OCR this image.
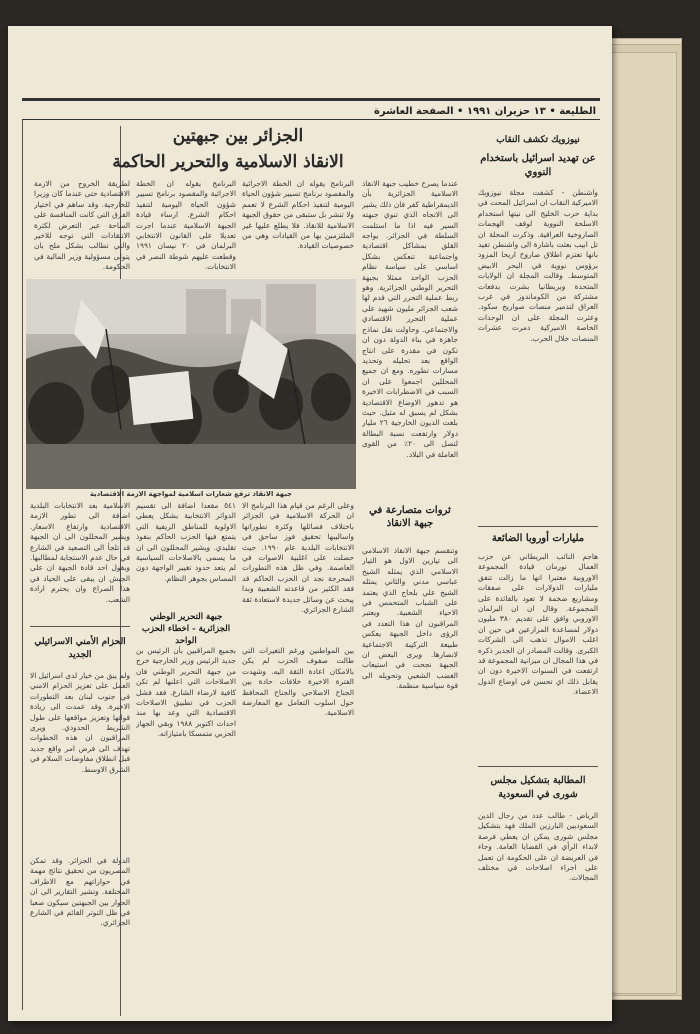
الطليعة • ١٣ حزيران ١٩٩١ • الصفحة العاشرة
الجزائر بين جبهتين
الانقاذ الاسلامية والتحرير الحاكمة
لطريقة الخروج من الازمة الاقتصادية حتى عندما كان وزيرا للخارجية. وقد ساهم في اختيار الفرق التي كانت المنافسة على الساحة عبر التعرض لكثرة الانتقادات التي توجه للاخير والتي تطالب بشكل ملح بان يتولى مسؤولية وزير المالية في الحكومة.
البرنامج يقوله ان الخطة الاجرائية والمقصود برنامج تسيير شؤون الحياة اليومية لتنفيذ احكام الشرع. ارساء قيادة الجبهة الاسلامية عندما اجرت تعديلا على القانون الانتخابي البرلمان في ٢٠ نيسان ١٩٩١ وقطعت عليهم شوطة النصر في الانتخابات.
البرنامج يقوله ان الخطة الاجرائية والمقصود برنامج تسيير شؤون الحياة اليومية لتنفيذ احكام الشرع لا تعمم ولا تنشر بل ستبقى من حقوق الجبهة الاسلامية للانقاذ. فلا يطلع عليها غير الملتزمين بها من القيادات وهي من خصوصيات القيادة.
جبهة الانقاذ ترفع شعارات اسلامية لمواجهة الازمة الاقتصادية
عندما يصرح خطيب جبهة الانقاذ الاسلامية الجزائرية بأن الديمقراطية كفر فان ذلك يشير الى الاتجاه الذي تنوي جبهته السير فيه اذا ما استلمت السلطة في الجزائر. يواجه القلق بمشاكل اقتصادية واجتماعية تنعكس بشكل اساسي على سياسة نظام الحزب الواحد ممثلا بجبهة التحرير الوطني الجزائرية. وهو ربط عملية التحرر التي قدم لها شعب الجزائر مليون شهيد على عملية التحرر الاقتصادي والاجتماعي. وحاولت نقل نماذج جاهزة في بناء الدولة دون ان تكون في مقدرة على انتاج الواقع بعد تحليله وتحديد مسارات تطوره. ومع ان جميع المحللين اجمعوا على ان السبب في الاضطرابات الاخيرة هو تدهور الاوضاع الاقتصادية بشكل لم يسبق له مثيل. حيث بلغت الديون الخارجية ٢٦ مليار دولار وارتفعت نسبة البطالة لتصل الى ٢٠٪ من القوى العاملة في البلاد.
وعلى الرغم من قيام هذا البرنامج الا ان الحركة الاسلامية في الجزائر باختلاف فصائلها وكثرة تطوراتها واساليبها تحقيق فوز ساحق في الانتخابات البلدية عام ١٩٩٠. حيث حصلت على اغلبية الاصوات في العاصمة. وفي ظل هذه التطورات المحرجة نجد ان الحزب الحاكم قد فقد الكثير من قاعدته الشعبية وبدا يبحث عن وسائل جديدة لاستعادة ثقة الشارع الجزائري.
٥٤١ مقعدا اضافة الى تقسيم الدوائر الانتخابية بشكل يعطي الاولوية للمناطق الريفية التي يتمتع فيها الحزب الحاكم بنفوذ تقليدي. ويشير المحللون الى ان ما يسمى بالاصلاحات السياسية لم يتعد حدود تغيير الواجهة دون المساس بجوهر النظام.
الاسلامية بعد الانتخابات البلدية اضافة الى تطور الازمة الاقتصادية وارتفاع الاسعار. ويشير المحللون الى ان الجبهة قد تلجأ الى التصعيد في الشارع في حال عدم الاستجابة لمطالبها. ويقول احد قادة الجبهة ان على الجيش ان يبقى على الحياد في هذا الصراع وان يحترم ارادة الشعب.
ثروات متصارعة في جبهة الانقاذ
وتنقسم جبهة الانقاذ الاسلامي الى تيارين الاول هو التيار الاسلامي الذي يمثله الشيخ عباسي مدني والثاني يمثله الشيخ علي بلحاج الذي يعتمد على الشباب المتحمس في الاحياء الشعبية. ويعتبر المراقبون ان هذا التعدد في الرؤى داخل الجبهة يعكس طبيعة التركيبة الاجتماعية لانصارها. ويرى البعض ان الجبهة نجحت في استيعاب الغضب الشعبي وتحويله الى قوة سياسية منظمة.
جبهة التحرير الوطني الجزائرية - اخطاء الحزب الواحد
بجميع المراقبين بأن الرئيس بن جديد الرئيس وزير الخارجية خرج من جبهة التحرير الوطني فان الاصلاحات التي اعلنها لم تكن كافية لارضاء الشارع. فقد فشل الحزب في تطبيق الاصلاحات الاقتصادية التي وعد بها منذ احداث اكتوبر ١٩٨٨ وبقي الجهاز الحزبي متمسكا بامتيازاته.
بين المواطنين ورغم التغيرات التي طالت صفوف الحزب لم يكن بالامكان اعادة الثقة اليه. وشهدت الفترة الاخيرة خلافات حادة بين الجناح الاصلاحي والجناح المحافظ حول اسلوب التعامل مع المعارضة الاسلامية.
الحزام الأمني الاسرائيلي الجديد
ولم يبق من خيار لدى اسرائيل الا العمل على تعزيز الحزام الامني في جنوب لبنان بعد التطورات الاخيرة. وقد عمدت الى زيادة قواتها وتعزيز مواقعها على طول الشريط الحدودي. ويرى المراقبون ان هذه الخطوات تهدف الى فرض امر واقع جديد قبل انطلاق مفاوضات السلام في الشرق الاوسط.
الدولة في الجزائر. وقد تمكن المصريون من تحقيق نتائج مهمة في حواراتهم مع الاطراف المختلفة. وتشير التقارير الى ان الحوار بين الجبهتين سيكون صعبا في ظل التوتر القائم في الشارع الجزائري.
نيوزويك تكشف النقاب
عن تهديد اسرائيل باستخدام النووي
واشنطن - كشفت مجلة نيوزويك الاميركية النقاب ان اسرائيل المحت في بداية حرب الخليج الى نيتها استخدام الاسلحة النووية لوقف الهجمات الصاروخية العراقية. وذكرت المجلة ان تل ابيب بعثت باشارة الى واشنطن تفيد بانها تعتزم اطلاق صاروخ اريحا المزود برؤوس نووية في البحر الابيض المتوسط. وقالت المجلة ان الولايات المتحدة وبريطانيا بشرت بدفعات مشتركة من الكوماندوز في غرب العراق لتدمير منصات صواريخ سكود. وعثرت المجلة على ان الوحدات الخاصة الاميركية دمرت عشرات المنصات خلال الحرب.
مليارات أوروبا الضائعة
هاجم النائب البريطاني عن حزب العمال نورمان قيادة المجموعة الاوروبية معتبرا انها ما زالت تنفق مليارات الدولارات على صفقات ومشاريع ضخمة لا تعود بالفائدة على المجموعة. وقال ان ان البرلمان الاوروبي وافق على تقديم ٣٨٠ مليون دولار لمساعدة المزارعين في حين ان اغلب الاموال تذهب الى الشركات الكبرى. وقالت المصادر ان الجدير ذكره في هذا المجال ان ميزانية المجموعة قد ارتفعت في السنوات الاخيرة دون ان يقابل ذلك اي تحسن في اوضاع الدول الاعضاء.
المطالبة بتشكيل مجلس شورى في السعودية
الرياض - طالب عدد من رجال الدين السعوديين البارزين الملك فهد بتشكيل مجلس شورى يمكن ان يعطي فرصة لابداء الرأي في القضايا العامة. وجاء في العريضة ان على الحكومة ان تعمل على اجراء اصلاحات في مختلف المجالات.
